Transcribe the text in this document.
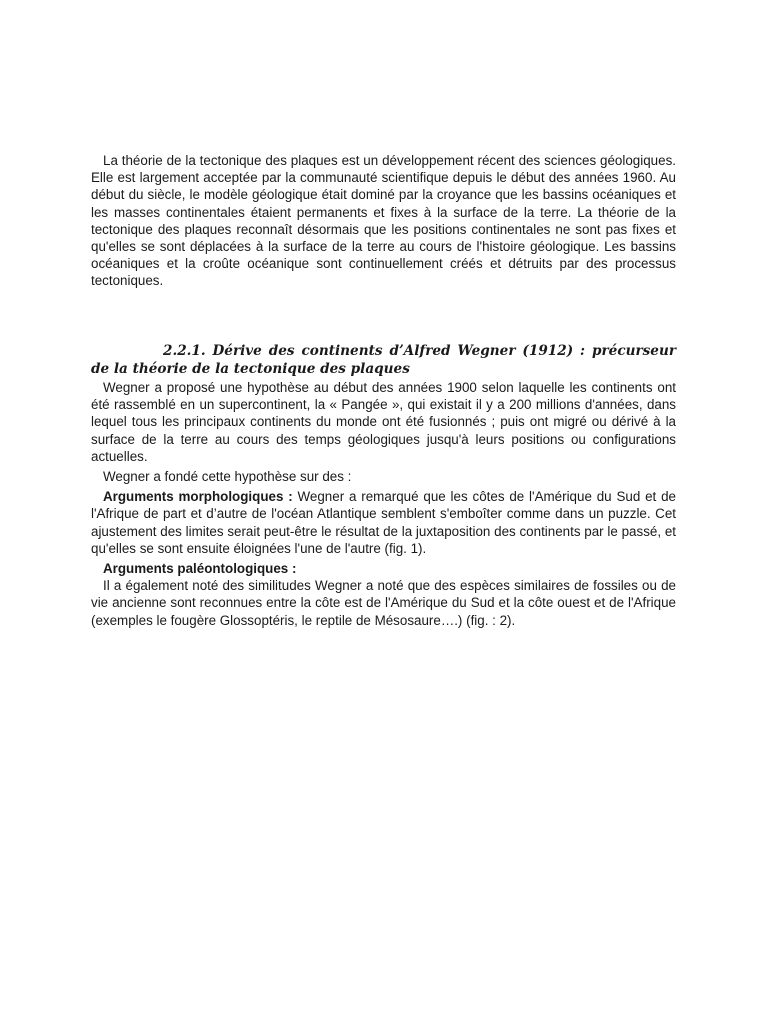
La théorie de la tectonique des plaques est un développement récent des sciences géologiques. Elle est largement acceptée par la communauté scientifique depuis le début des années 1960. Au début du siècle, le modèle géologique était dominé par la croyance que les bassins océaniques et les masses continentales étaient permanents et fixes à la surface de la terre. La théorie de la tectonique des plaques reconnaît désormais que les positions continentales ne sont pas fixes et qu'elles se sont déplacées à la surface de la terre au cours de l'histoire géologique. Les bassins océaniques et la croûte océanique sont continuellement créés et détruits par des processus tectoniques.

2.2.1. Dérive des continents d’Alfred Wegner (1912) : précurseur de la théorie de la tectonique des plaques

Wegner a proposé une hypothèse au début des années 1900 selon laquelle les continents ont été rassemblé en un supercontinent, la « Pangée », qui existait il y a 200 millions d'années, dans lequel tous les principaux continents du monde ont été fusionnés ; puis ont migré ou dérivé à la surface de la terre au cours des temps géologiques jusqu'à leurs positions ou configurations actuelles.

Wegner a fondé cette hypothèse sur des :

Arguments morphologiques : Wegner a remarqué que les côtes de l'Amérique du Sud et de l'Afrique de part et d’autre de l'océan Atlantique semblent s'emboîter comme dans un puzzle. Cet ajustement des limites serait peut-être le résultat de la juxtaposition des continents par le passé, et qu'elles se sont ensuite éloignées l'une de l'autre (fig. 1).

Arguments paléontologiques :

Il a également noté des similitudes Wegner a noté que des espèces similaires de fossiles ou de vie ancienne sont reconnues entre la côte est de l'Amérique du Sud et la côte ouest et de l'Afrique (exemples le fougère Glossoptéris, le reptile de Mésosaure….) (fig. : 2).
